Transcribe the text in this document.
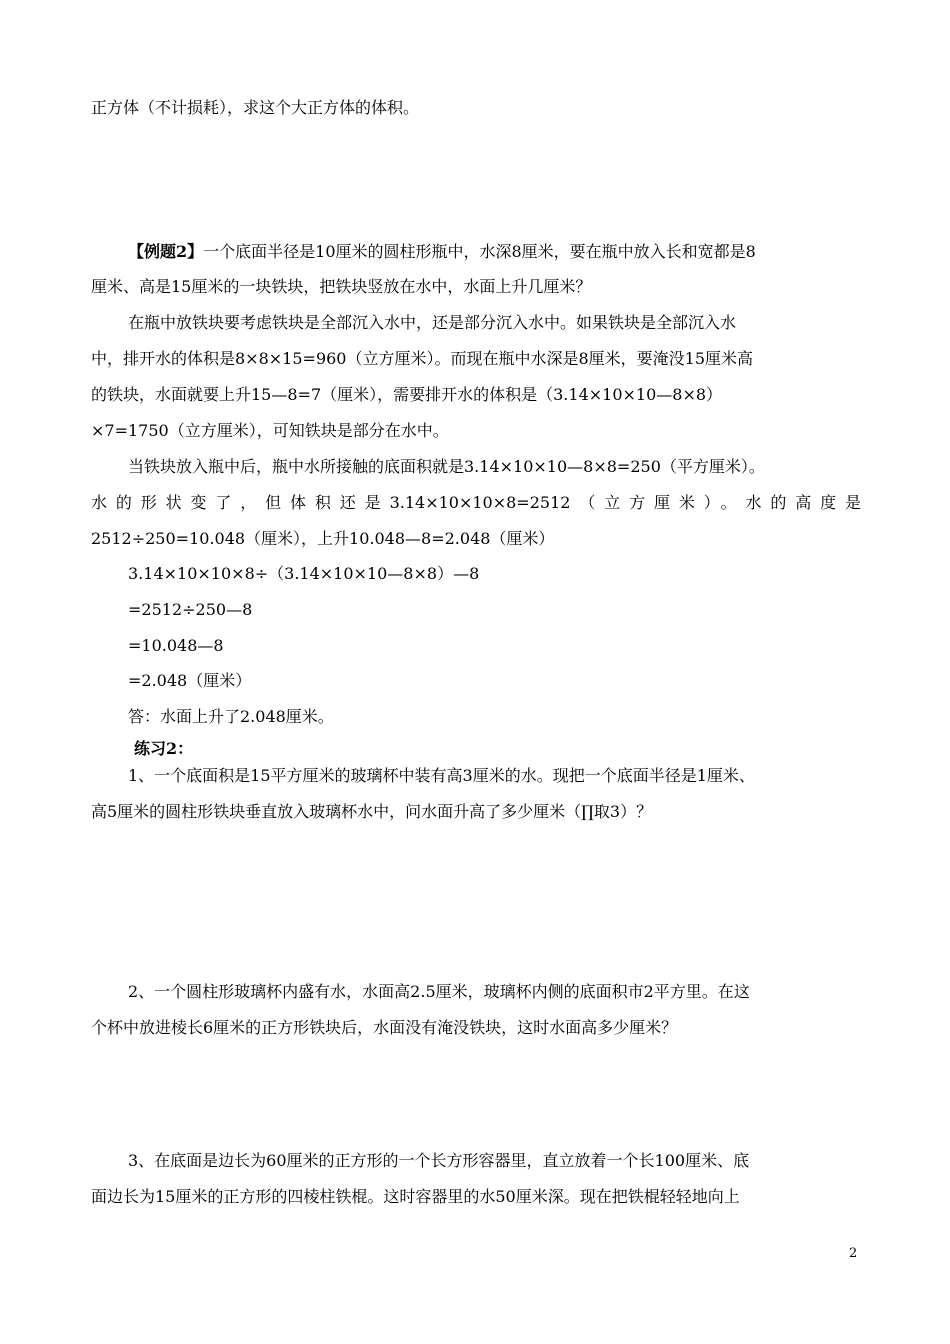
正方体（不计损耗），求这个大正方体的体积。
【例题2】一个底面半径是10厘米的圆柱形瓶中，水深8厘米，要在瓶中放入长和宽都是8
厘米、高是15厘米的一块铁块，把铁块竖放在水中，水面上升几厘米？
在瓶中放铁块要考虑铁块是全部沉入水中，还是部分沉入水中。如果铁块是全部沉入水
中，排开水的体积是8×8×15=960（立方厘米）。而现在瓶中水深是8厘米，要淹没15厘米高
的铁块，水面就要上升15—8=7（厘米），需要排开水的体积是（3.14×10×10—8×8）
×7=1750（立方厘米），可知铁块是部分在水中。
当铁块放入瓶中后，瓶中水所接触的底面积就是3.14×10×10—8×8=250（平方厘米）。
水的形状变了，但体积还是3.14×10×10×8=2512（立方厘米）。水的高度是
2512÷250=10.048（厘米），上升10.048—8=2.048（厘米）
3.14×10×10×8÷（3.14×10×10—8×8）—8
=2512÷250—8
=10.048—8
=2.048（厘米）
答：水面上升了2.048厘米。
练习2：
1、一个底面积是15平方厘米的玻璃杯中装有高3厘米的水。现把一个底面半径是1厘米、
高5厘米的圆柱形铁块垂直放入玻璃杯水中，问水面升高了多少厘米（∏取3）？
2、一个圆柱形玻璃杯内盛有水，水面高2.5厘米，玻璃杯内侧的底面积市2平方里。在这
个杯中放进棱长6厘米的正方形铁块后，水面没有淹没铁块，这时水面高多少厘米？
3、在底面是边长为60厘米的正方形的一个长方形容器里，直立放着一个长100厘米、底
面边长为15厘米的正方形的四棱柱铁棍。这时容器里的水50厘米深。现在把铁棍轻轻地向上
2
